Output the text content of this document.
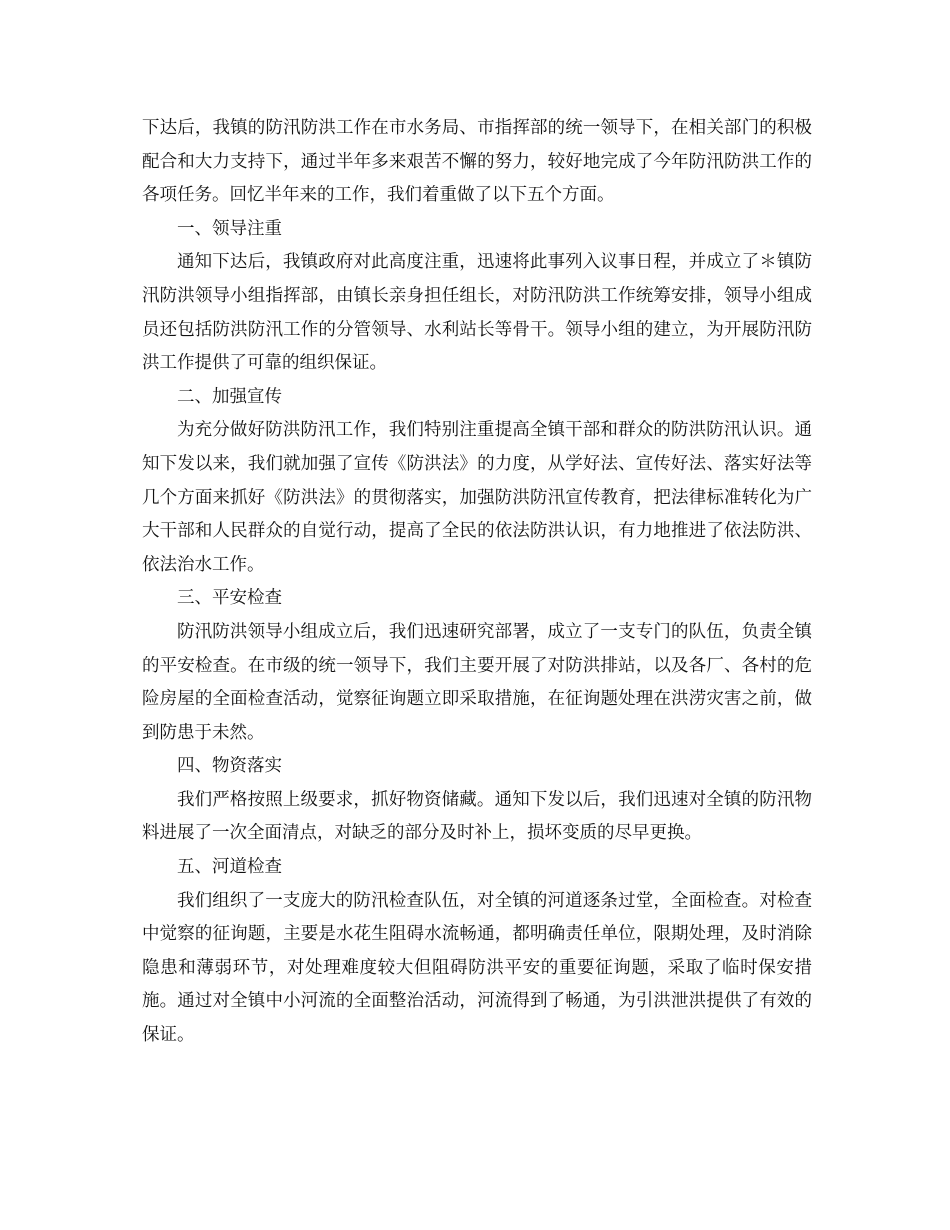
下达后，我镇的防汛防洪工作在市水务局、市指挥部的统一领导下，在相关部门的积极配合和大力支持下，通过半年多来艰苦不懈的努力，较好地完成了今年防汛防洪工作的各项任务。回忆半年来的工作，我们着重做了以下五个方面。

一、领导注重

通知下达后，我镇政府对此高度注重，迅速将此事列入议事日程，并成立了＊镇防汛防洪领导小组指挥部，由镇长亲身担任组长，对防汛防洪工作统筹安排，领导小组成员还包括防洪防汛工作的分管领导、水利站长等骨干。领导小组的建立，为开展防汛防洪工作提供了可靠的组织保证。

二、加强宣传

为充分做好防洪防汛工作，我们特别注重提高全镇干部和群众的防洪防汛认识。通知下发以来，我们就加强了宣传《防洪法》的力度，从学好法、宣传好法、落实好法等几个方面来抓好《防洪法》的贯彻落实，加强防洪防汛宣传教育，把法律标准转化为广大干部和人民群众的自觉行动，提高了全民的依法防洪认识，有力地推进了依法防洪、依法治水工作。

三、平安检查

防汛防洪领导小组成立后，我们迅速研究部署，成立了一支专门的队伍，负责全镇的平安检查。在市级的统一领导下，我们主要开展了对防洪排站，以及各厂、各村的危险房屋的全面检查活动，觉察征询题立即采取措施，在征询题处理在洪涝灾害之前，做到防患于未然。

四、物资落实

我们严格按照上级要求，抓好物资储藏。通知下发以后，我们迅速对全镇的防汛物料进展了一次全面清点，对缺乏的部分及时补上，损坏变质的尽早更换。

五、河道检查

我们组织了一支庞大的防汛检查队伍，对全镇的河道逐条过堂，全面检查。对检查中觉察的征询题，主要是水花生阻碍水流畅通，都明确责任单位，限期处理，及时消除隐患和薄弱环节，对处理难度较大但阻碍防洪平安的重要征询题，采取了临时保安措施。通过对全镇中小河流的全面整治活动，河流得到了畅通，为引洪泄洪提供了有效的保证。
